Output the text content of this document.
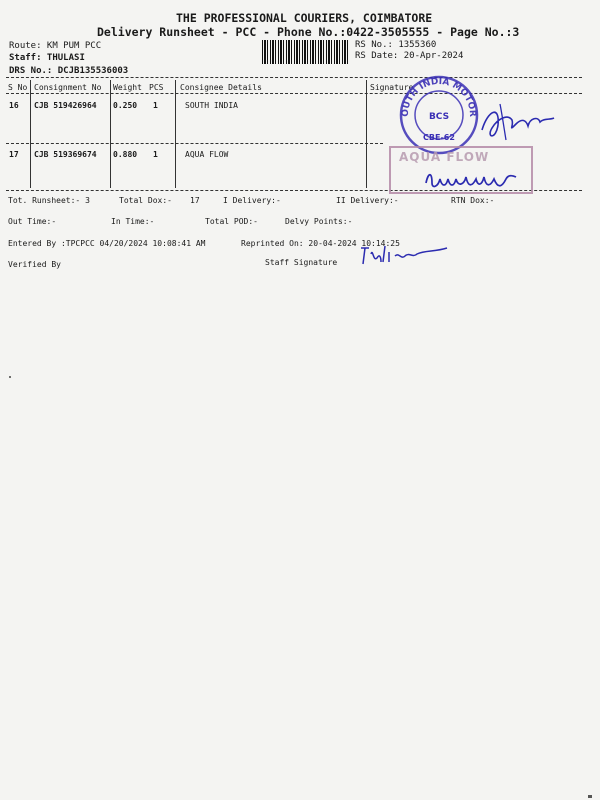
THE PROFESSIONAL COURIERS, COIMBATORE
Delivery Runsheet - PCC - Phone No.:0422-3505555 - Page No.:3
Route: KM PUM PCC
Staff: THULASI
DRS No.: DCJB135536003
RS No.: 1355360
RS Date: 20-Apr-2024
S No Consignment No Weight PCS Consignee Details	Signature
16 CJB 519426964 0.250 1	SOUTH INDIA
17 CJB 519369674 0.880 1	AQUA FLOW
SOUTH INDIA MOTORS
BCS
CBE-62
AQUA FLOW
Tot. Runsheet:- 3	Total Dox:- 17	I Delivery:-	II Delivery:-	RTN Dox:-
Out Time:-	In Time:-	Total POD:-	Delvy Points:-
Entered By :TPCPCC 04/20/2024 10:08:41 AM	Reprinted On: 20-04-2024 10:14:25
Verified By	Staff Signature
